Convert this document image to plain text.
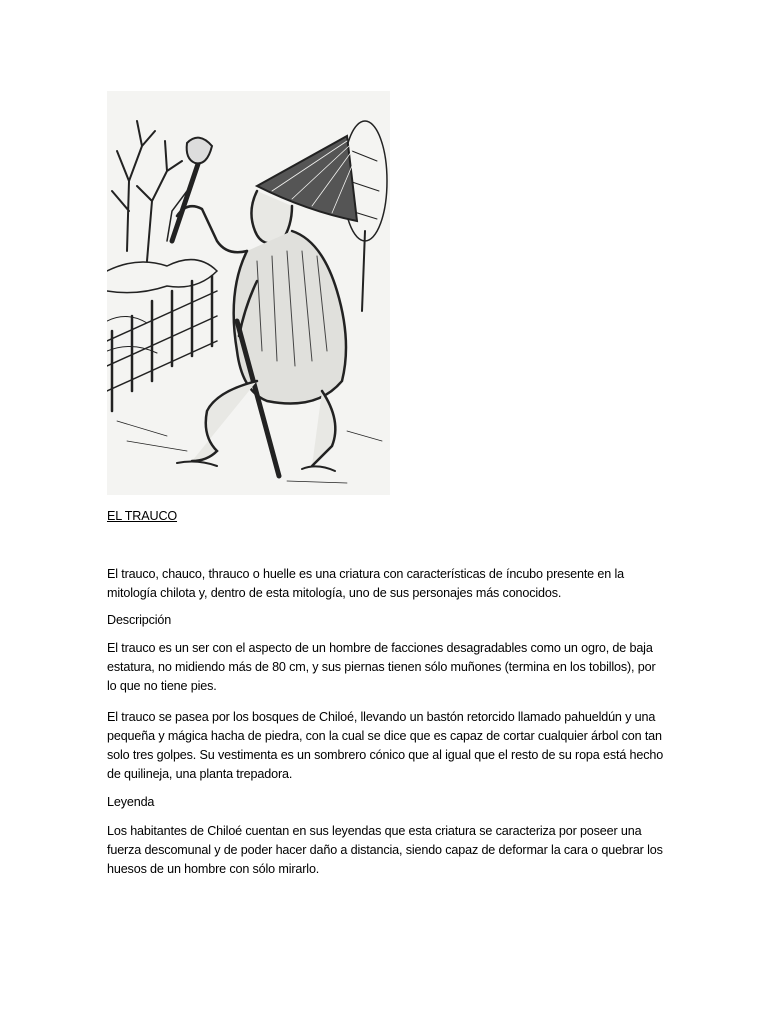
EL TRAUCO

El trauco, chauco, thrauco o huelle es una criatura con características de íncubo presente en la mitología chilota y, dentro de esta mitología, uno de sus personajes más conocidos.

Descripción

El trauco es un ser con el aspecto de un hombre de facciones desagradables como un ogro, de baja estatura, no midiendo más de 80 cm, y sus piernas tienen sólo muñones (termina en los tobillos), por lo que no tiene pies.

El trauco se pasea por los bosques de Chiloé, llevando un bastón retorcido llamado pahueldún y una pequeña y mágica hacha de piedra, con la cual se dice que es capaz de cortar cualquier árbol con tan solo tres golpes. Su vestimenta es un sombrero cónico que al igual que el resto de su ropa está hecho de quilineja, una planta trepadora.

Leyenda

Los habitantes de Chiloé cuentan en sus leyendas que esta criatura se caracteriza por poseer una fuerza descomunal y de poder hacer daño a distancia, siendo capaz de deformar la cara o quebrar los huesos de un hombre con sólo mirarlo.
